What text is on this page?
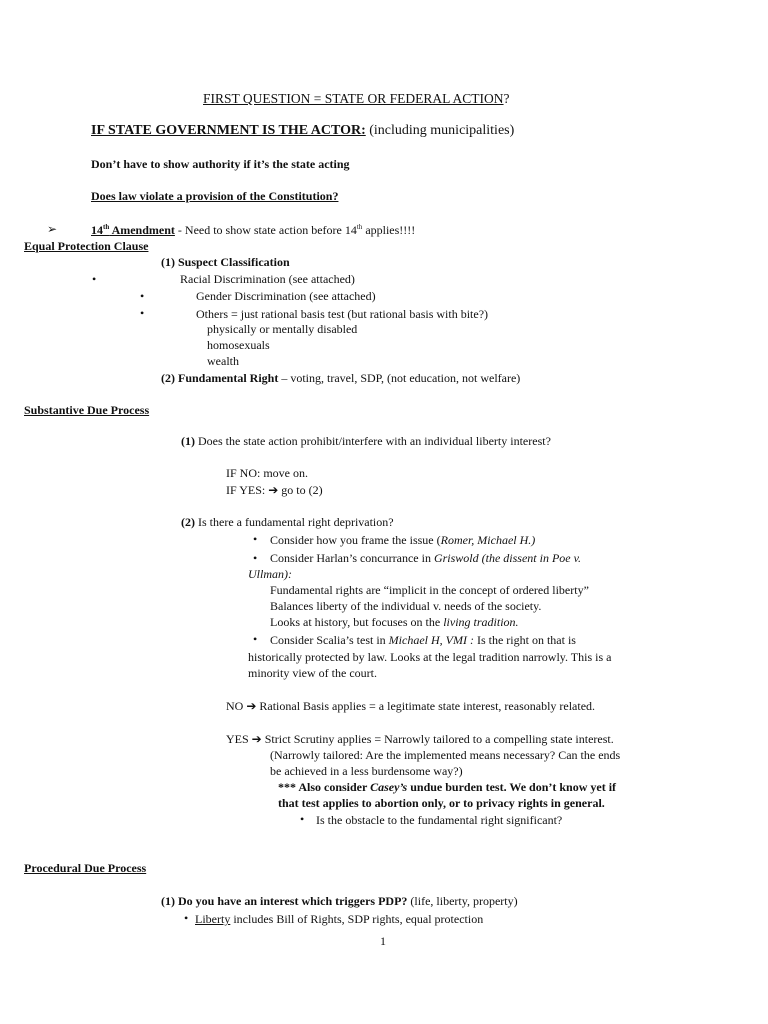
FIRST QUESTION = STATE OR FEDERAL ACTION?
IF STATE GOVERNMENT IS THE ACTOR: (including municipalities)
Don’t have to show authority if it’s the state acting
Does law violate a provision of the Constitution?
➢	14th Amendment - Need to show state action before 14th applies!!!!
Equal Protection Clause
(1) Suspect Classification
•	Racial Discrimination (see attached)
•	Gender Discrimination (see attached)
•	Others = just rational basis test (but rational basis with bite?)
physically or mentally disabled
homosexuals
wealth
(2) Fundamental Right – voting, travel, SDP, (not education, not welfare)
Substantive Due Process
(1) Does the state action prohibit/interfere with an individual liberty interest?
IF NO: move on.
IF YES: ➔ go to (2)
(2) Is there a fundamental right deprivation?
• Consider how you frame the issue (Romer, Michael H.)
• Consider Harlan’s concurrance in Griswold (the dissent in Poe v.
Ullman):
Fundamental rights are “implicit in the concept of ordered liberty”
Balances liberty of the individual v. needs of the society.
Looks at history, but focuses on the living tradition.
• Consider Scalia’s test in Michael H, VMI : Is the right on that is
historically protected by law. Looks at the legal tradition narrowly. This is a
minority view of the court.
NO ➔ Rational Basis applies = a legitimate state interest, reasonably related.
YES ➔ Strict Scrutiny applies = Narrowly tailored to a compelling state interest.
(Narrowly tailored: Are the implemented means necessary? Can the ends
be achieved in a less burdensome way?)
*** Also consider Casey’s undue burden test. We don’t know yet if
that test applies to abortion only, or to privacy rights in general.
• Is the obstacle to the fundamental right significant?
Procedural Due Process
(1) Do you have an interest which triggers PDP? (life, liberty, property)
• Liberty includes Bill of Rights, SDP rights, equal protection
1
